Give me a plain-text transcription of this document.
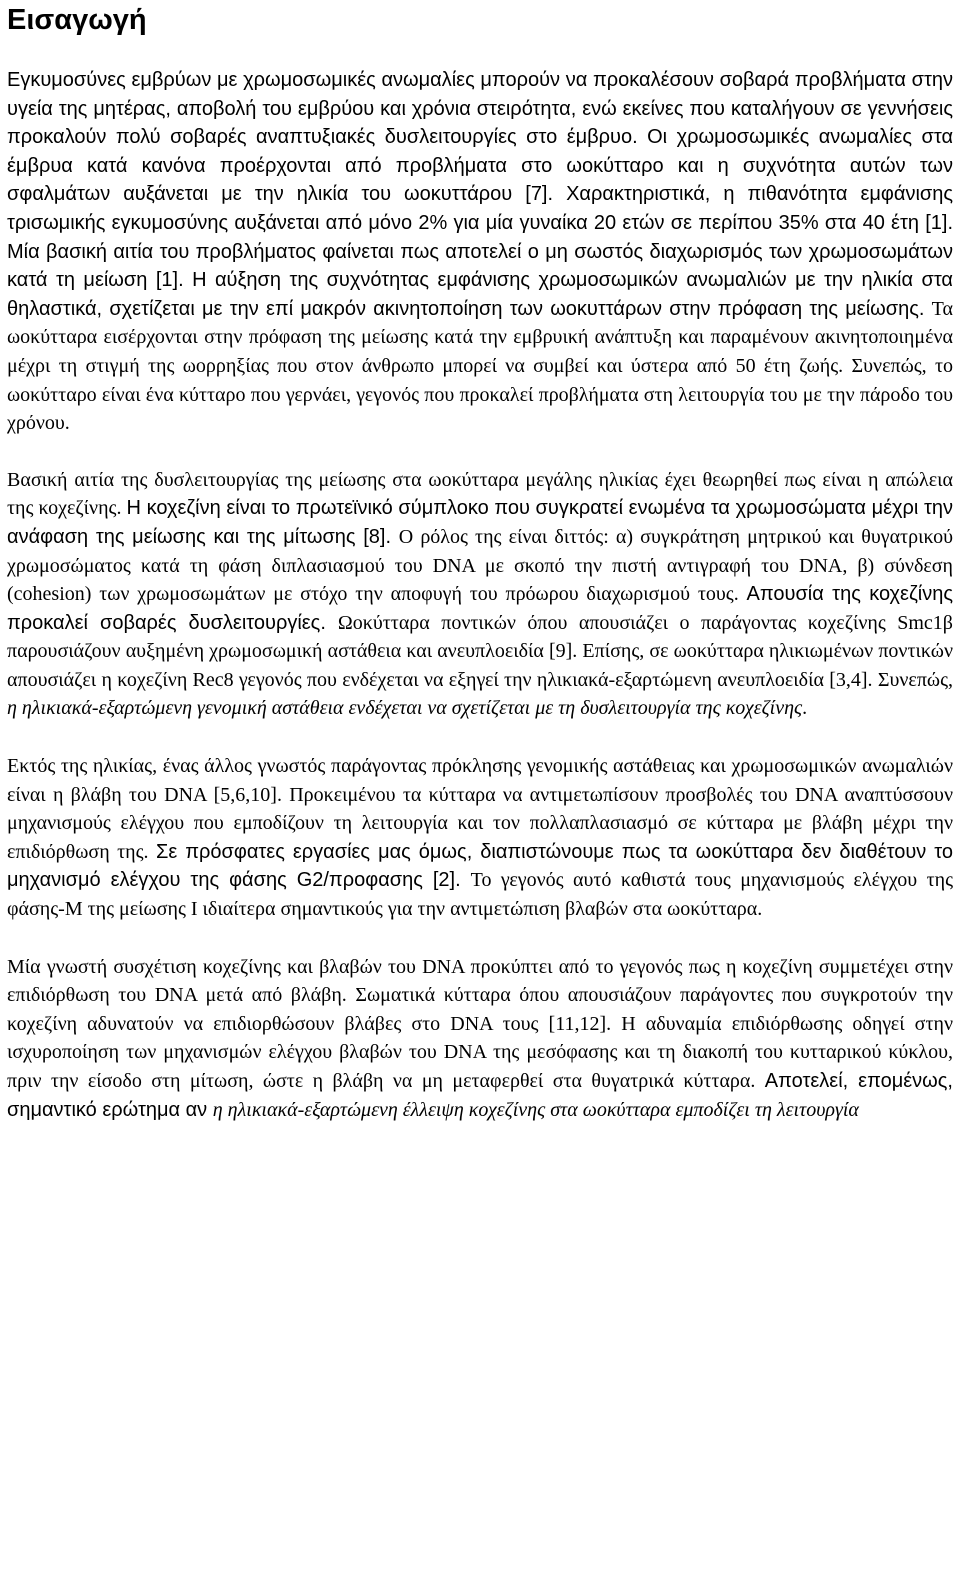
Εισαγωγή

Εγκυμοσύνες εμβρύων με χρωμοσωμικές ανωμαλίες μπορούν να προκαλέσουν σοβαρά προβλήματα στην υγεία της μητέρας, αποβολή του εμβρύου και χρόνια στειρότητα, ενώ εκείνες που καταλήγουν σε γεννήσεις προκαλούν πολύ σοβαρές αναπτυξιακές δυσλειτουργίες στο έμβρυο. Οι χρωμοσωμικές ανωμαλίες στα έμβρυα κατά κανόνα προέρχονται από προβλήματα στο ωοκύτταρο και η συχνότητα αυτών των σφαλμάτων αυξάνεται με την ηλικία του ωοκυττάρου [7]. Χαρακτηριστικά, η πιθανότητα εμφάνισης τρισωμικής εγκυμοσύνης αυξάνεται από μόνο 2% για μία γυναίκα 20 ετών σε περίπου 35% στα 40 έτη [1]. Μία βασική αιτία του προβλήματος φαίνεται πως αποτελεί ο μη σωστός διαχωρισμός των χρωμοσωμάτων κατά τη μείωση [1]. Η αύξηση της συχνότητας εμφάνισης χρωμοσωμικών ανωμαλιών με την ηλικία στα θηλαστικά, σχετίζεται με την επί μακρόν ακινητοποίηση των ωοκυττάρων στην πρόφαση της μείωσης. Τα ωοκύτταρα εισέρχονται στην πρόφαση της μείωσης κατά την εμβρυική ανάπτυξη και παραμένουν ακινητοποιημένα μέχρι τη στιγμή της ωορρηξίας που στον άνθρωπο μπορεί να συμβεί και ύστερα από 50 έτη ζωής. Συνεπώς, το ωοκύτταρο είναι ένα κύτταρο που γερνάει, γεγονός που προκαλεί προβλήματα στη λειτουργία του με την πάροδο του χρόνου.

Βασική αιτία της δυσλειτουργίας της μείωσης στα ωοκύτταρα μεγάλης ηλικίας έχει θεωρηθεί πως είναι η απώλεια της κοχεζίνης. Η κοχεζίνη είναι το πρωτεϊνικό σύμπλοκο που συγκρατεί ενωμένα τα χρωμοσώματα μέχρι την ανάφαση της μείωσης και της μίτωσης [8]. Ο ρόλος της είναι διττός: α) συγκράτηση μητρικού και θυγατρικού χρωμοσώματος κατά τη φάση διπλασιασμού του DNA με σκοπό την πιστή αντιγραφή του DNA, β) σύνδεση (cohesion) των χρωμοσωμάτων με στόχο την αποφυγή του πρόωρου διαχωρισμού τους. Απουσία της κοχεζίνης προκαλεί σοβαρές δυσλειτουργίες. Ωοκύτταρα ποντικών όπου απουσιάζει ο παράγοντας κοχεζίνης Smc1β παρουσιάζουν αυξημένη χρωμοσωμική αστάθεια και ανευπλοειδία [9]. Επίσης, σε ωοκύτταρα ηλικιωμένων ποντικών απουσιάζει η κοχεζίνη Rec8 γεγονός που ενδέχεται να εξηγεί την ηλικιακά-εξαρτώμενη ανευπλοειδία [3,4]. Συνεπώς, η ηλικιακά-εξαρτώμενη γενομική αστάθεια ενδέχεται να σχετίζεται με τη δυσλειτουργία της κοχεζίνης.

Εκτός της ηλικίας, ένας άλλος γνωστός παράγοντας πρόκλησης γενομικής αστάθειας και χρωμοσωμικών ανωμαλιών είναι η βλάβη του DNA [5,6,10]. Προκειμένου τα κύτταρα να αντιμετωπίσουν προσβολές του DNA αναπτύσσουν μηχανισμούς ελέγχου που εμποδίζουν τη λειτουργία και τον πολλαπλασιασμό σε κύτταρα με βλάβη μέχρι την επιδιόρθωση της. Σε πρόσφατες εργασίες μας όμως, διαπιστώνουμε πως τα ωοκύτταρα δεν διαθέτουν το μηχανισμό ελέγχου της φάσης G2/προφασης [2]. Το γεγονός αυτό καθιστά τους μηχανισμούς ελέγχου της φάσης-Μ της μείωσης Ι ιδιαίτερα σημαντικούς για την αντιμετώπιση βλαβών στα ωοκύτταρα.

Μία γνωστή συσχέτιση κοχεζίνης και βλαβών του DNA προκύπτει από το γεγονός πως η κοχεζίνη συμμετέχει στην επιδιόρθωση του DNA μετά από βλάβη. Σωματικά κύτταρα όπου απουσιάζουν παράγοντες που συγκροτούν την κοχεζίνη αδυνατούν να επιδιορθώσουν βλάβες στο DNA τους [11,12]. Η αδυναμία επιδιόρθωσης οδηγεί στην ισχυροποίηση των μηχανισμών ελέγχου βλαβών του DNA της μεσόφασης και τη διακοπή του κυτταρικού κύκλου, πριν την είσοδο στη μίτωση, ώστε η βλάβη να μη μεταφερθεί στα θυγατρικά κύτταρα. Αποτελεί, επομένως, σημαντικό ερώτημα αν η ηλικιακά-εξαρτώμενη έλλειψη κοχεζίνης στα ωοκύτταρα εμποδίζει τη λειτουργία
